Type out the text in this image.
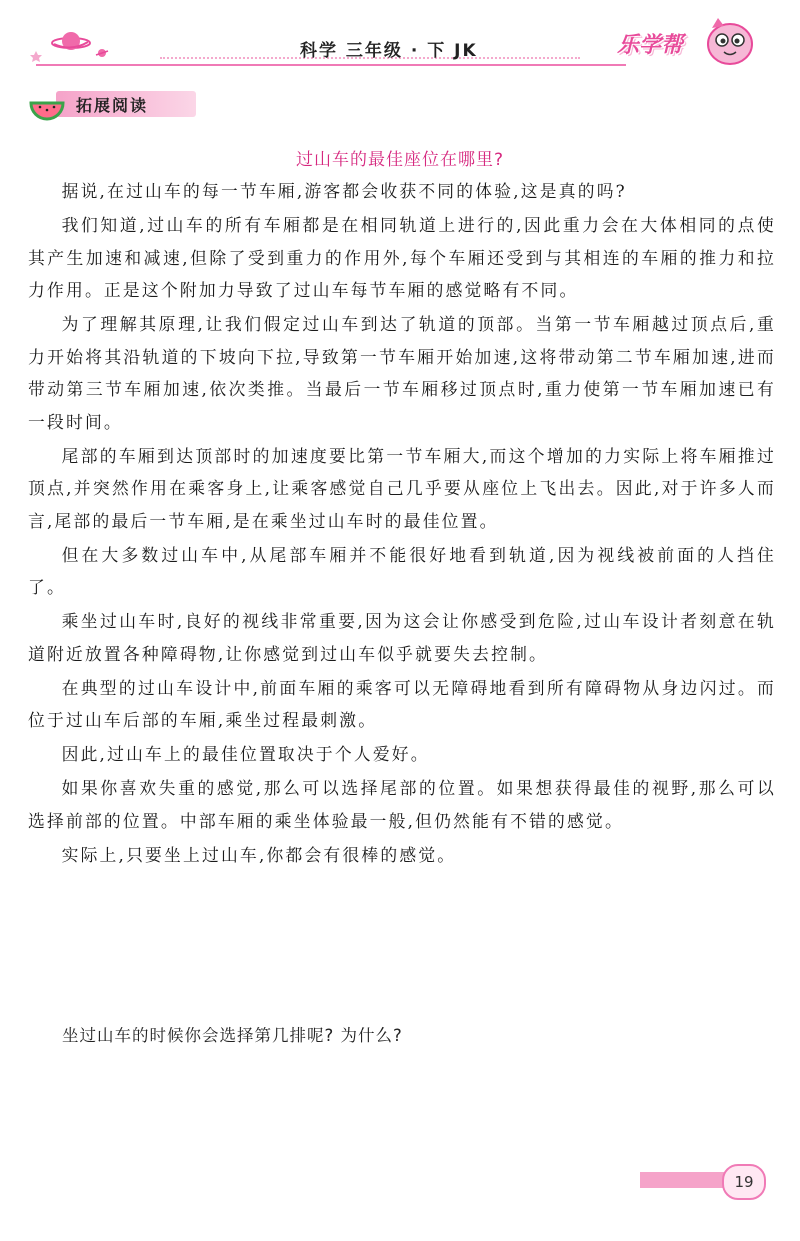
科学 三年级 · 下 JK	乐学帮
拓展阅读
过山车的最佳座位在哪里?

据说,在过山车的每一节车厢,游客都会收获不同的体验,这是真的吗?

我们知道,过山车的所有车厢都是在相同轨道上进行的,因此重力会在大体相同的点使其产生加速和减速,但除了受到重力的作用外,每个车厢还受到与其相连的车厢的推力和拉力作用。正是这个附加力导致了过山车每节车厢的感觉略有不同。

为了理解其原理,让我们假定过山车到达了轨道的顶部。当第一节车厢越过顶点后,重力开始将其沿轨道的下坡向下拉,导致第一节车厢开始加速,这将带动第二节车厢加速,进而带动第三节车厢加速,依次类推。当最后一节车厢移过顶点时,重力使第一节车厢加速已有一段时间。

尾部的车厢到达顶部时的加速度要比第一节车厢大,而这个增加的力实际上将车厢推过顶点,并突然作用在乘客身上,让乘客感觉自己几乎要从座位上飞出去。因此,对于许多人而言,尾部的最后一节车厢,是在乘坐过山车时的最佳位置。

但在大多数过山车中,从尾部车厢并不能很好地看到轨道,因为视线被前面的人挡住了。

乘坐过山车时,良好的视线非常重要,因为这会让你感受到危险,过山车设计者刻意在轨道附近放置各种障碍物,让你感觉到过山车似乎就要失去控制。

在典型的过山车设计中,前面车厢的乘客可以无障碍地看到所有障碍物从身边闪过。而位于过山车后部的车厢,乘坐过程最刺激。

因此,过山车上的最佳位置取决于个人爱好。

如果你喜欢失重的感觉,那么可以选择尾部的位置。如果想获得最佳的视野,那么可以选择前部的位置。中部车厢的乘坐体验最一般,但仍然能有不错的感觉。

实际上,只要坐上过山车,你都会有很棒的感觉。

坐过山车的时候你会选择第几排呢? 为什么?
19
